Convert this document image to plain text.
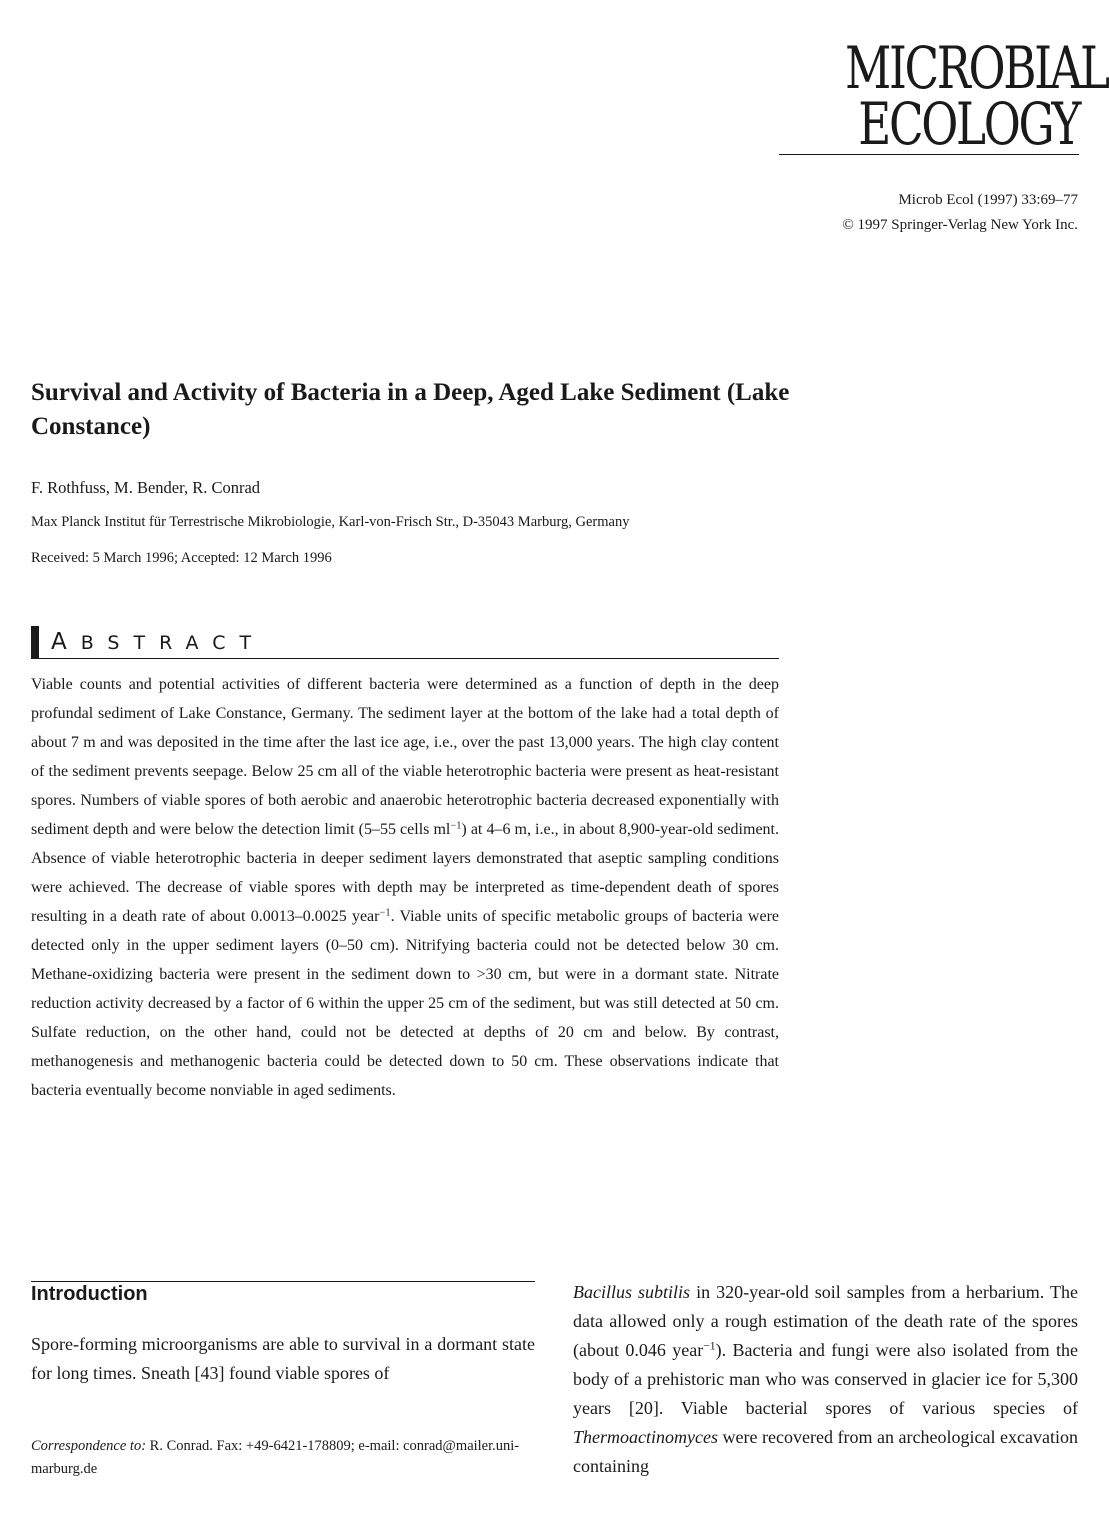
MICROBIAL
ECOLOGY
Microb Ecol (1997) 33:69–77
© 1997 Springer-Verlag New York Inc.
Survival and Activity of Bacteria in a Deep, Aged Lake Sediment (Lake Constance)
F. Rothfuss, M. Bender, R. Conrad
Max Planck Institut für Terrestrische Mikrobiologie, Karl-von-Frisch Str., D-35043 Marburg, Germany
Received: 5 March 1996; Accepted: 12 March 1996
ABSTRACT

Viable counts and potential activities of different bacteria were determined as a function of depth in the deep profundal sediment of Lake Constance, Germany. The sediment layer at the bottom of the lake had a total depth of about 7 m and was deposited in the time after the last ice age, i.e., over the past 13,000 years. The high clay content of the sediment prevents seepage. Below 25 cm all of the viable heterotrophic bacteria were present as heat-resistant spores. Numbers of viable spores of both aerobic and anaerobic heterotrophic bacteria decreased exponentially with sediment depth and were below the detection limit (5–55 cells $ml^{-1}$) at 4–6 m, i.e., in about 8,900-year-old sediment. Absence of viable heterotrophic bacteria in deeper sediment layers demonstrated that aseptic sampling conditions were achieved. The decrease of viable spores with depth may be interpreted as time-dependent death of spores resulting in a death rate of about 0.0013–0.0025 year$^{-1}$. Viable units of specific metabolic groups of bacteria were detected only in the upper sediment layers (0–50 cm). Nitrifying bacteria could not be detected below 30 cm. Methane-oxidizing bacteria were present in the sediment down to >30 cm, but were in a dormant state. Nitrate reduction activity decreased by a factor of 6 within the upper 25 cm of the sediment, but was still detected at 50 cm. Sulfate reduction, on the other hand, could not be detected at depths of 20 cm and below. By contrast, methanogenesis and methanogenic bacteria could be detected down to 50 cm. These observations indicate that bacteria eventually become nonviable in aged sediments.

Introduction

Spore-forming microorganisms are able to survival in a dormant state for long times. Sneath [43] found viable spores of

Correspondence to: R. Conrad. Fax: +49-6421-178809; e-mail: conrad@mailer.uni-marburg.de

Bacillus subtilis in 320-year-old soil samples from a herbarium. The data allowed only a rough estimation of the death rate of the spores (about 0.046 year$^{-1}$). Bacteria and fungi were also isolated from the body of a prehistoric man who was conserved in glacier ice for 5,300 years [20]. Viable bacterial spores of various species of Thermoactinomyces were recovered from an archeological excavation containing
